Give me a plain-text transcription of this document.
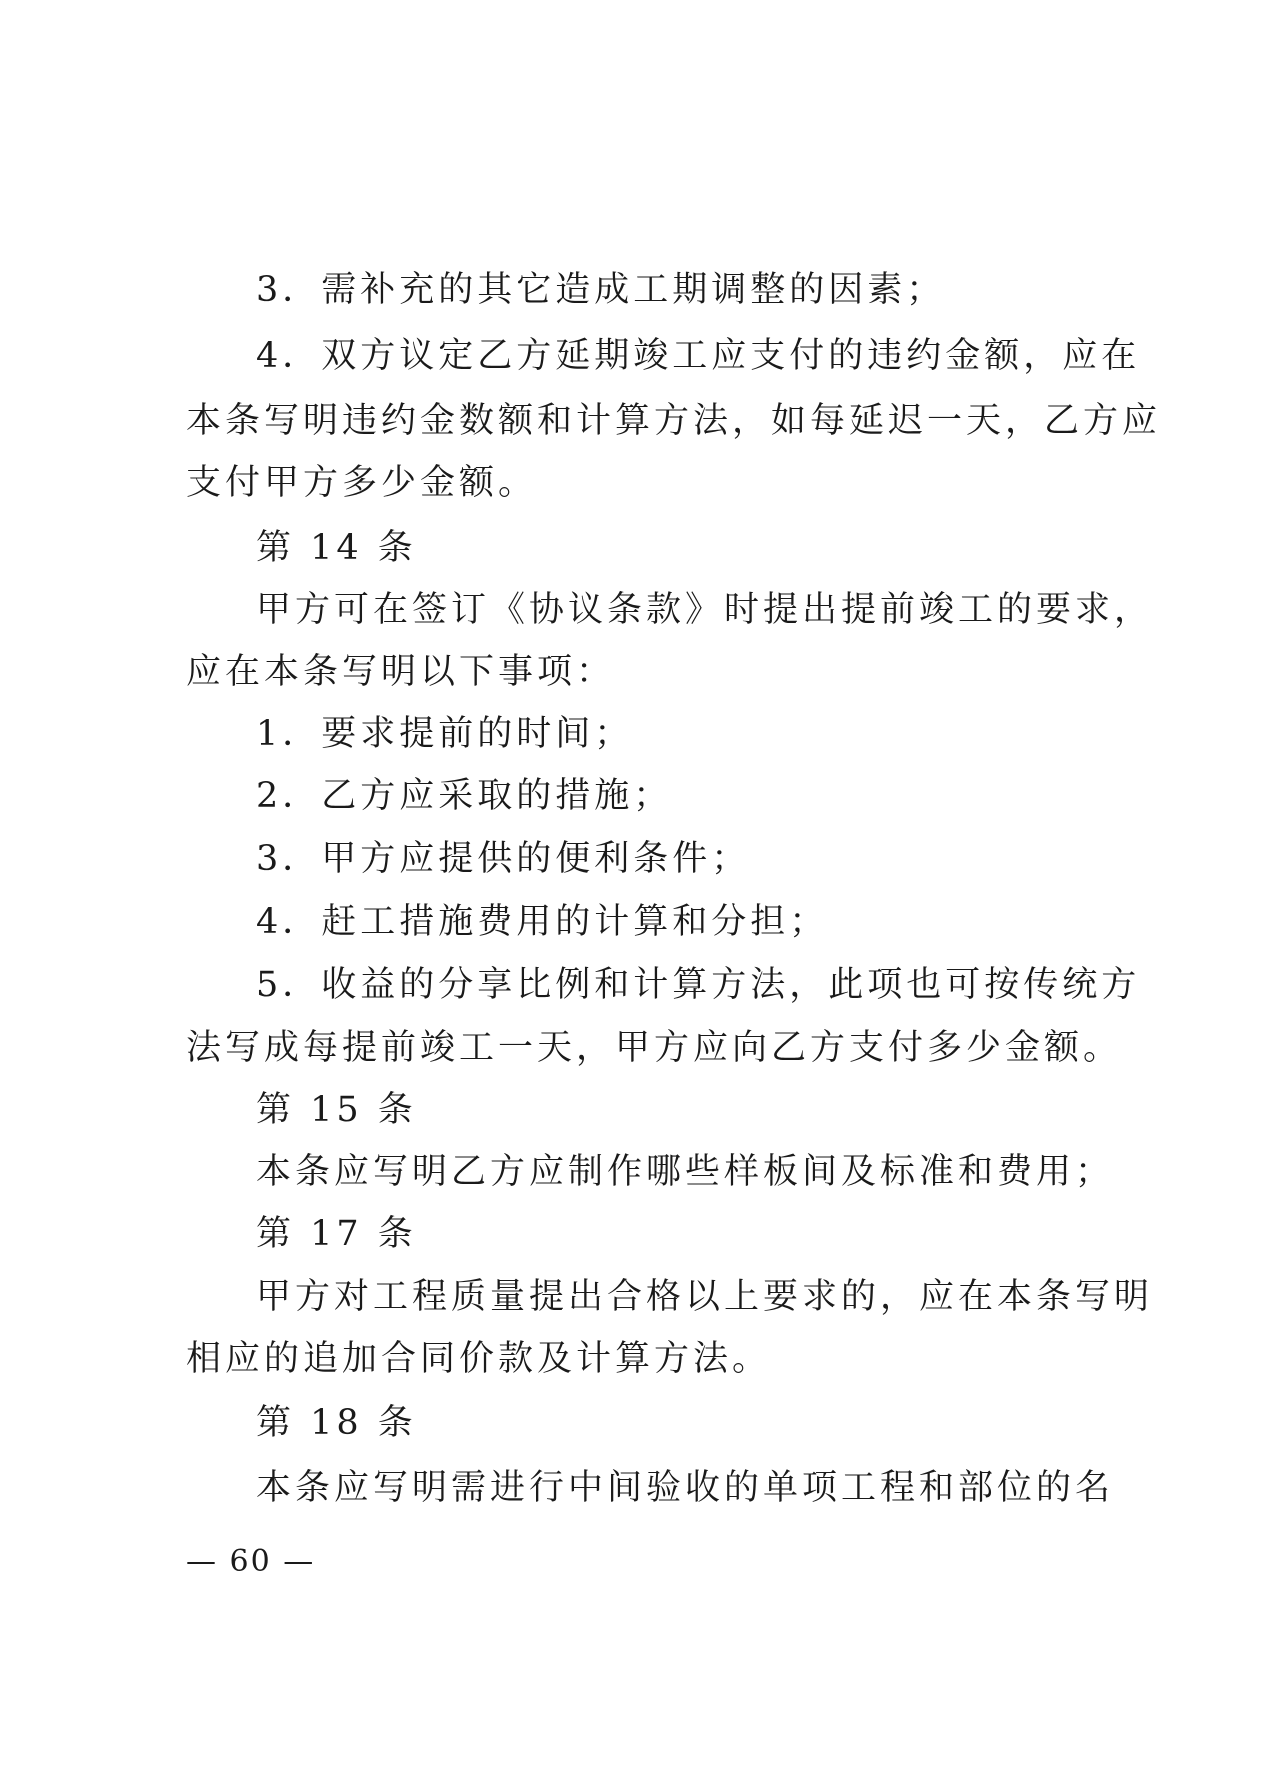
3．需补充的其它造成工期调整的因素；
4．双方议定乙方延期竣工应支付的违约金额，应在
本条写明违约金数额和计算方法，如每延迟一天，乙方应
支付甲方多少金额。
第 14 条
甲方可在签订《协议条款》时提出提前竣工的要求，
应在本条写明以下事项：
1．要求提前的时间；
2．乙方应采取的措施；
3．甲方应提供的便利条件；
4．赶工措施费用的计算和分担；
5．收益的分享比例和计算方法，此项也可按传统方
法写成每提前竣工一天，甲方应向乙方支付多少金额。
第 15 条
本条应写明乙方应制作哪些样板间及标准和费用；
第 17 条
甲方对工程质量提出合格以上要求的，应在本条写明
相应的追加合同价款及计算方法。
第 18 条
本条应写明需进行中间验收的单项工程和部位的名
— 60 —
